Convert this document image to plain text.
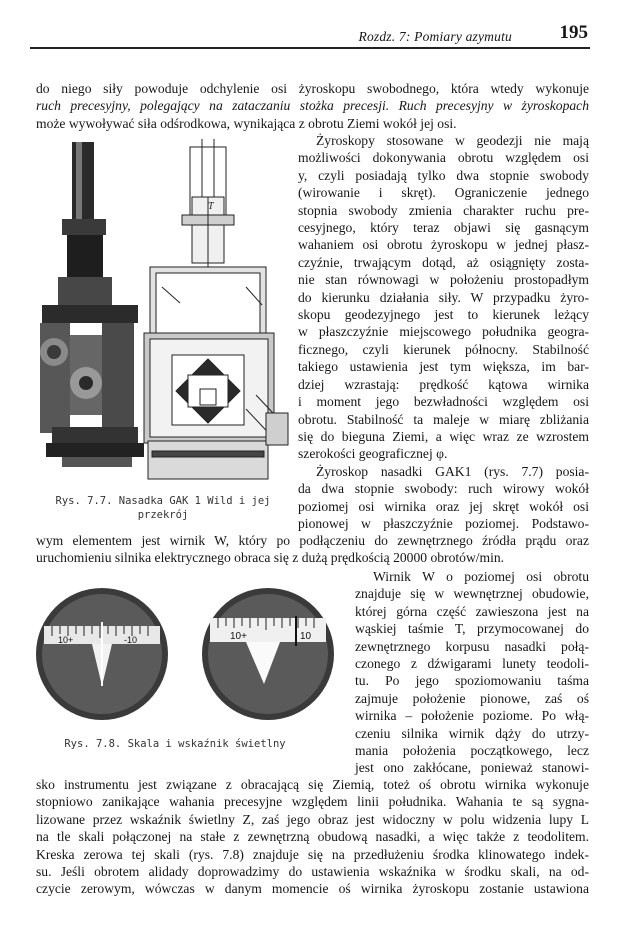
Rozdz. 7: Pomiary azymutu	195
do niego siły powoduje odchylenie osi żyroskopu swobodnego, która wtedy wykonuje
ruch precesyjny, polegający na zataczaniu stożka precesji. Ruch precesyjny w żyroskopach
może wywoływać siła odśrodkowa, wynikająca z obrotu Ziemi wokół jej osi.
W
T
Rys. 7.7. Nasadka GAK 1 Wild i jej
przekrój
Żyroskopy stosowane w geodezji nie mają
możliwości dokonywania obrotu względem osi
y, czyli posiadają tylko dwa stopnie swobody
(wirowanie i skręt). Ograniczenie jednego
stopnia swobody zmienia charakter ruchu pre-
cesyjnego, który teraz objawi się gasnącym
wahaniem osi obrotu żyroskopu w jednej płasz-
czyźnie, trwającym dotąd, aż osiągnięty zosta-
nie stan równowagi w położeniu prostopadłym
do kierunku działania siły. W przypadku żyro-
skopu geodezyjnego jest to kierunek leżący
w płaszczyźnie miejscowego południka geogra-
ficznego, czyli kierunek północny. Stabilność
takiego ustawienia jest tym większa, im bar-
dziej wzrastają: prędkość kątowa wirnika
i moment jego bezwładności względem osi
obrotu. Stabilność ta maleje w miarę zbliżania
się do bieguna Ziemi, a więc wraz ze wzrostem
szerokości geograficznej φ.
Żyroskop nasadki GAK1 (rys. 7.7) posia-
da dwa stopnie swobody: ruch wirowy wokół
poziomej osi wirnika oraz jej skręt wokół osi
pionowej w płaszczyźnie poziomej. Podstawo-
wym elementem jest wirnik W, który po podłączeniu do zewnętrznego źródła prądu oraz
uruchomieniu silnika elektrycznego obraca się z dużą prędkością 20000 obrotów/min.
10+	-10	10+	10
Rys. 7.8. Skala i wskaźnik świetlny
Wirnik W o poziomej osi obrotu
znajduje się w wewnętrznej obudowie,
której górna część zawieszona jest na
wąskiej taśmie T, przymocowanej do
zewnętrznego korpusu nasadki połą-
czonego z dźwigarami lunety teodoli-
tu. Po jego spoziomowaniu taśma
zajmuje położenie pionowe, zaś oś
wirnika – położenie poziome. Po włą-
czeniu silnika wirnik dąży do utrzy-
mania położenia początkowego, lecz
jest ono zakłócane, ponieważ stanowi-
sko instrumentu jest związane z obracającą się Ziemią, toteż oś obrotu wirnika wykonuje
stopniowo zanikające wahania precesyjne względem linii południka. Wahania te są sygna-
lizowane przez wskaźnik świetlny Z, zaś jego obraz jest widoczny w polu widzenia lupy L
na tle skali połączonej na stałe z zewnętrzną obudową nasadki, a więc także z teodolitem.
Kreska zerowa tej skali (rys. 7.8) znajduje się na przedłużeniu środka klinowatego indek-
su. Jeśli obrotem alidady doprowadzimy do ustawienia wskaźnika w środku skali, na od-
czycie zerowym, wówczas w danym momencie oś wirnika żyroskopu zostanie ustawiona
